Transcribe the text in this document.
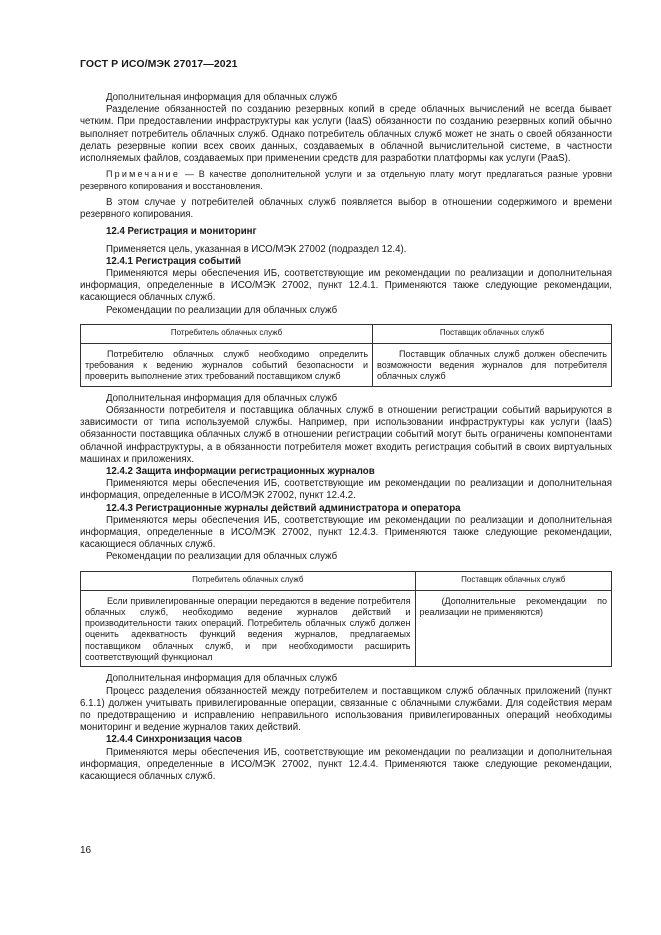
ГОСТ Р ИСО/МЭК 27017—2021

Дополнительная информация для облачных служб

Разделение обязанностей по созданию резервных копий в среде облачных вычислений не всегда бывает четким. При предоставлении инфраструктуры как услуги (IaaS) обязанности по созданию резервных копий обычно выполняет потребитель облачных служб. Однако потребитель облачных служб может не знать о своей обязанности делать резервные копии всех своих данных, создаваемых в облачной вычислительной системе, в частности исполняемых файлов, создаваемых при применении средств для разработки платформы как услуги (PaaS).

Примечание — В качестве дополнительной услуги и за отдельную плату могут предлагаться разные уровни резервного копирования и восстановления.

В этом случае у потребителей облачных служб появляется выбор в отношении содержимого и времени резервного копирования.

12.4 Регистрация и мониторинг

Применяется цель, указанная в ИСО/МЭК 27002 (подраздел 12.4).

12.4.1 Регистрация событий

Применяются меры обеспечения ИБ, соответствующие им рекомендации по реализации и дополнительная информация, определенные в ИСО/МЭК 27002, пункт 12.4.1. Применяются также следующие рекомендации, касающиеся облачных служб.

Рекомендации по реализации для облачных служб

Потребитель облачных служб	Поставщик облачных служб
Потребителю облачных служб необходимо определить требования к ведению журналов событий безопасности и проверить выполнение этих требований поставщиком служб	Поставщик облачных служб должен обеспечить возможности ведения журналов для потребителя облачных служб

Дополнительная информация для облачных служб

Обязанности потребителя и поставщика облачных служб в отношении регистрации событий варьируются в зависимости от типа используемой службы. Например, при использовании инфраструктуры как услуги (IaaS) обязанности поставщика облачных служб в отношении регистрации событий могут быть ограничены компонентами облачной инфраструктуры, а в обязанности потребителя может входить регистрация событий в своих виртуальных машинах и приложениях.

12.4.2 Защита информации регистрационных журналов

Применяются меры обеспечения ИБ, соответствующие им рекомендации по реализации и дополнительная информация, определенные в ИСО/МЭК 27002, пункт 12.4.2.

12.4.3 Регистрационные журналы действий администратора и оператора

Применяются меры обеспечения ИБ, соответствующие им рекомендации по реализации и дополнительная информация, определенные в ИСО/МЭК 27002, пункт 12.4.3. Применяются также следующие рекомендации, касающиеся облачных служб.

Рекомендации по реализации для облачных служб

Потребитель облачных служб	Поставщик облачных служб
Если привилегированные операции передаются в ведение потребителя облачных служб, необходимо ведение журналов действий и производительности таких операций. Потребитель облачных служб должен оценить адекватность функций ведения журналов, предлагаемых поставщиком облачных служб, и при необходимости расширить соответствующий функционал	(Дополнительные рекомендации по реализации не применяются)

Дополнительная информация для облачных служб

Процесс разделения обязанностей между потребителем и поставщиком служб облачных приложений (пункт 6.1.1) должен учитывать привилегированные операции, связанные с облачными службами. Для содействия мерам по предотвращению и исправлению неправильного использования привилегированных операций необходимы мониторинг и ведение журналов таких действий.

12.4.4 Синхронизация часов

Применяются меры обеспечения ИБ, соответствующие им рекомендации по реализации и дополнительная информация, определенные в ИСО/МЭК 27002, пункт 12.4.4. Применяются также следующие рекомендации, касающиеся облачных служб.

16
